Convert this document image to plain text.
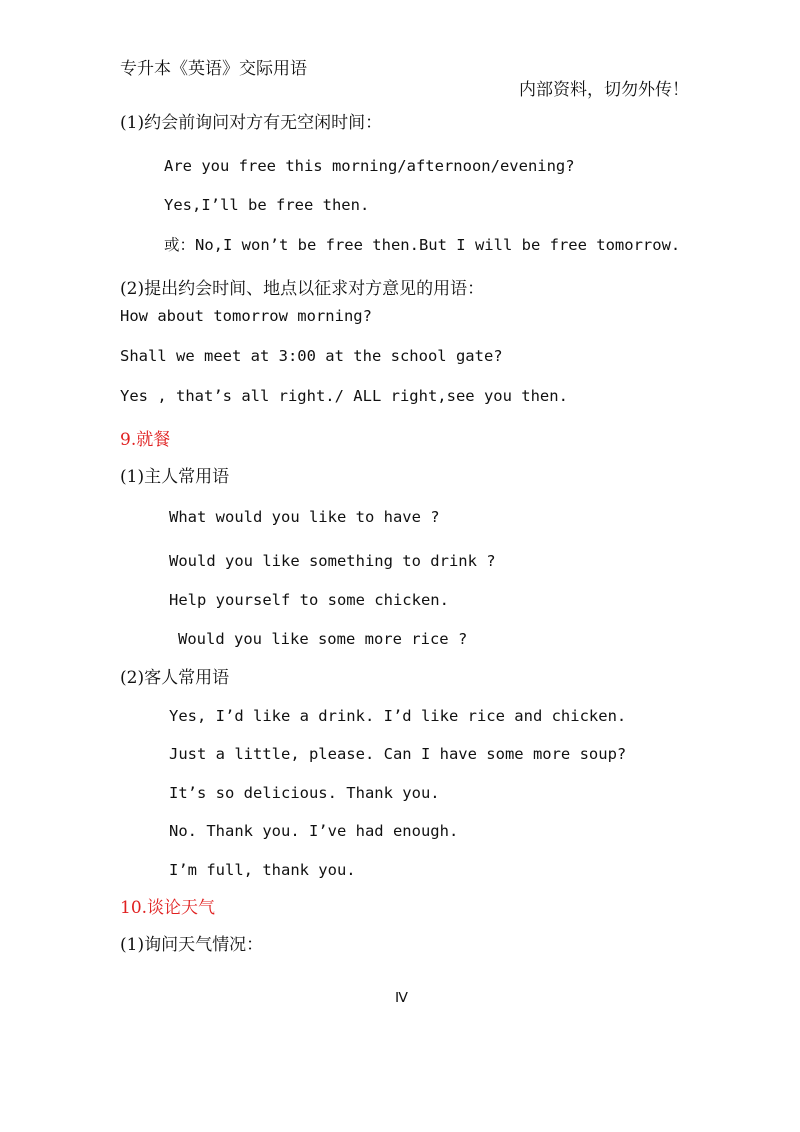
专升本《英语》交际用语
内部资料，切勿外传！
(1)约会前询问对方有无空闲时间：
Are you free this morning/afternoon/evening?
Yes,I’ll be free then.
或：No,I won’t be free then.But I will be free tomorrow.
(2)提出约会时间、地点以征求对方意见的用语：
How about tomorrow morning?
Shall we meet at 3:00 at the school gate?
Yes , that’s all right./ ALL right,see you then.
9.就餐
(1)主人常用语
What would you like to have ?
Would you like something to drink ?
Help yourself to some chicken.
Would you like some more rice ?
(2)客人常用语
Yes, I’d like a drink. I’d like rice and chicken.
Just a little, please. Can I have some more soup?
It’s so delicious. Thank you.
No. Thank you. I’ve had enough.
I’m full, thank you.
10.谈论天气
(1)询问天气情况：
Ⅳ
